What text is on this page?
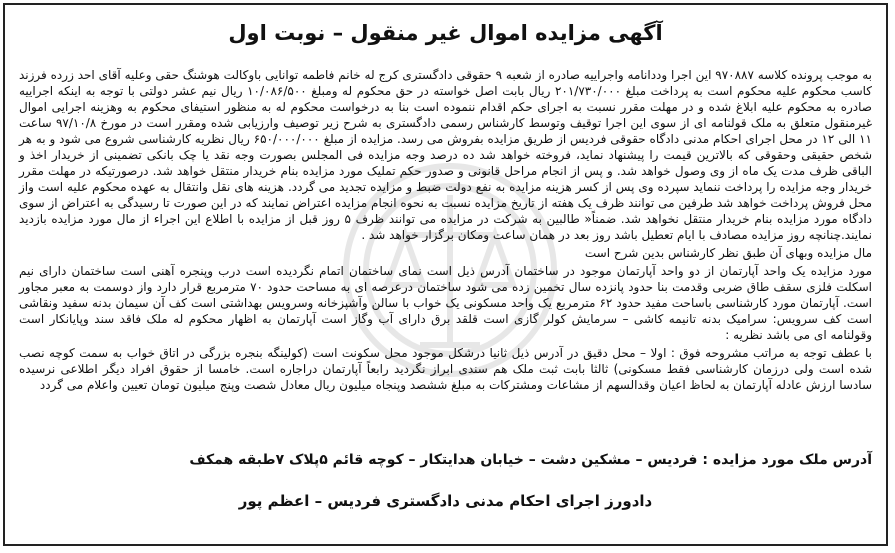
آگهی مزایده اموال غیر منقول – نوبت اول

به موجب پرونده کلاسه ۹۷۰۸۸۷ این اجرا وددانامه واجراییه صادره از شعبه ۹ حقوقی دادگستری کرج له خانم فاطمه توانایی باوکالت هوشنگ حقی وعلیه آقای احد زرده فرزند کاسب محکوم علیه محکوم است به پرداخت مبلغ ۲۰۱/۷۳۰/۰۰۰ ریال بابت اصل خواسته در حق محکوم له ومبلغ ۱۰/۰۸۶/۵۰۰ ریال نیم عشر دولتی با توجه به اینکه اجراییه صادره به محکوم علیه ابلاغ شده و در مهلت مقرر نسبت به اجرای حکم اقدام ننموده است بنا به درخواست محکوم له به منظور استیفای محکوم به وهزینه اجرایی اموال غیرمنقول متعلق به ملک قولنامه ای از سوی این اجرا توقیف وتوسط کارشناس رسمی دادگستری به شرح زیر توصیف وارزیابی شده ومقرر است در مورخ ۹۷/۱۰/۸ ساعت ۱۱ الی ۱۲ در محل اجرای احکام مدنی دادگاه حقوقی فردیس از طریق مزایده بفروش می رسد. مزایده از مبلغ ۶۵۰/۰۰۰/۰۰۰ ریال نظریه کارشناسی شروع می شود و به هر شخص حقیقی وحقوقی که بالاترین قیمت را پیشنهاد نماید، فروخته خواهد شد ده درصد وجه مزایده فی المجلس بصورت وجه نقد یا چک بانکی تضمینی از خریدار اخذ و الباقی ظرف مدت یک ماه از وی وصول خواهد شد. و پس از انجام مراحل قانونی و صدور حکم تملیک مورد مزایده بنام خریدار منتقل خواهد شد. درصورتیکه در مهلت مقرر خریدار وجه مزایده را پرداخت ننماید سپرده وی پس از کسر هزینه مزایده به نفع دولت ضبط و مزایده تجدید می گردد. هزینه های نقل وانتقال به عهده محکوم علیه است واز محل فروش پرداخت خواهد شد طرفین می توانند ظرف یک هفته از تاریخ مزایده نسبت به نحوه انجام مزایده اعتراض نمایند که در این صورت تا رسیدگی به اعتراض از سوی دادگاه مورد مزایده بنام خریدار منتقل نخواهد شد. ضمناً« طالبین به شرکت در مزایده می توانند ظرف ۵ روز قبل از مزایده با اطلاع این اجراء از مال مورد مزایده بازدید نمایند.چنانچه روز مزایده مصادف با ایام تعطیل باشد روز بعد در همان ساعت ومکان برگزار خواهد شد .

مال مزایده وبهای آن طبق نظر کارشناس بدین شرح است

مورد مزایده یک واحد آپارتمان از دو واحد آپارتمان موجود در ساختمان آدرس ذیل است نمای ساختمان اتمام نگردیده است درب وپنجره آهنی است ساختمان دارای نیم اسکلت فلزی سقف طاق ضربی وقدمت بنا حدود پانزده سال تخمین زده می شود ساختمان درعرصه ای به مساحت حدود ۷۰ مترمربع قرار دارد واز دوسمت به معبر مجاور است. آپارتمان مورد کارشناسی باساحت مفید حدود ۶۲ مترمربع یک واحد مسکونی یک خواب با سالن وآشپزخانه وسرویس بهداشتی است کف آن سیمان بدنه سفید ونقاشی است کف سرویس: سرامیک بدنه تانیمه کاشی – سرمایش کولر گازی است قلقد برق دارای آب وگاز است آپارتمان به اظهار محکوم له ملک فاقد سند وپایانکار است وقولنامه ای می باشد نظریه :

با عطف توجه به مراتب مشروحه فوق : اولا – محل دقیق در آدرس ذیل ثانیا درشکل موجود محل سکونت است (کولینگه بنجره بزرگی در اتاق خواب به سمت کوچه نصب شده است ولی درزمان کارشناسی فقط مسکونی) ثالثا بابت ثبت ملک هم سندی ابراز نگردید رابعاً آپارتمان دراجاره است. خامسا از حقوق افراد دیگر اطلاعی نرسیده سادسا ارزش عادله آپارتمان به لحاظ اعیان وقدالسهم از مشاعات ومشترکات به مبلغ ششصد وپنجاه میلیون ریال معادل شصت وپنج میلیون تومان تعیین واعلام می گردد

آدرس ملک مورد مزایده : فردیس – مشکین دشت – خیابان هدایتکار – کوچه قائم ۵پلاک ۷طبقه همکف

دادورز اجرای احکام مدنی دادگستری فردیس – اعظم پور
